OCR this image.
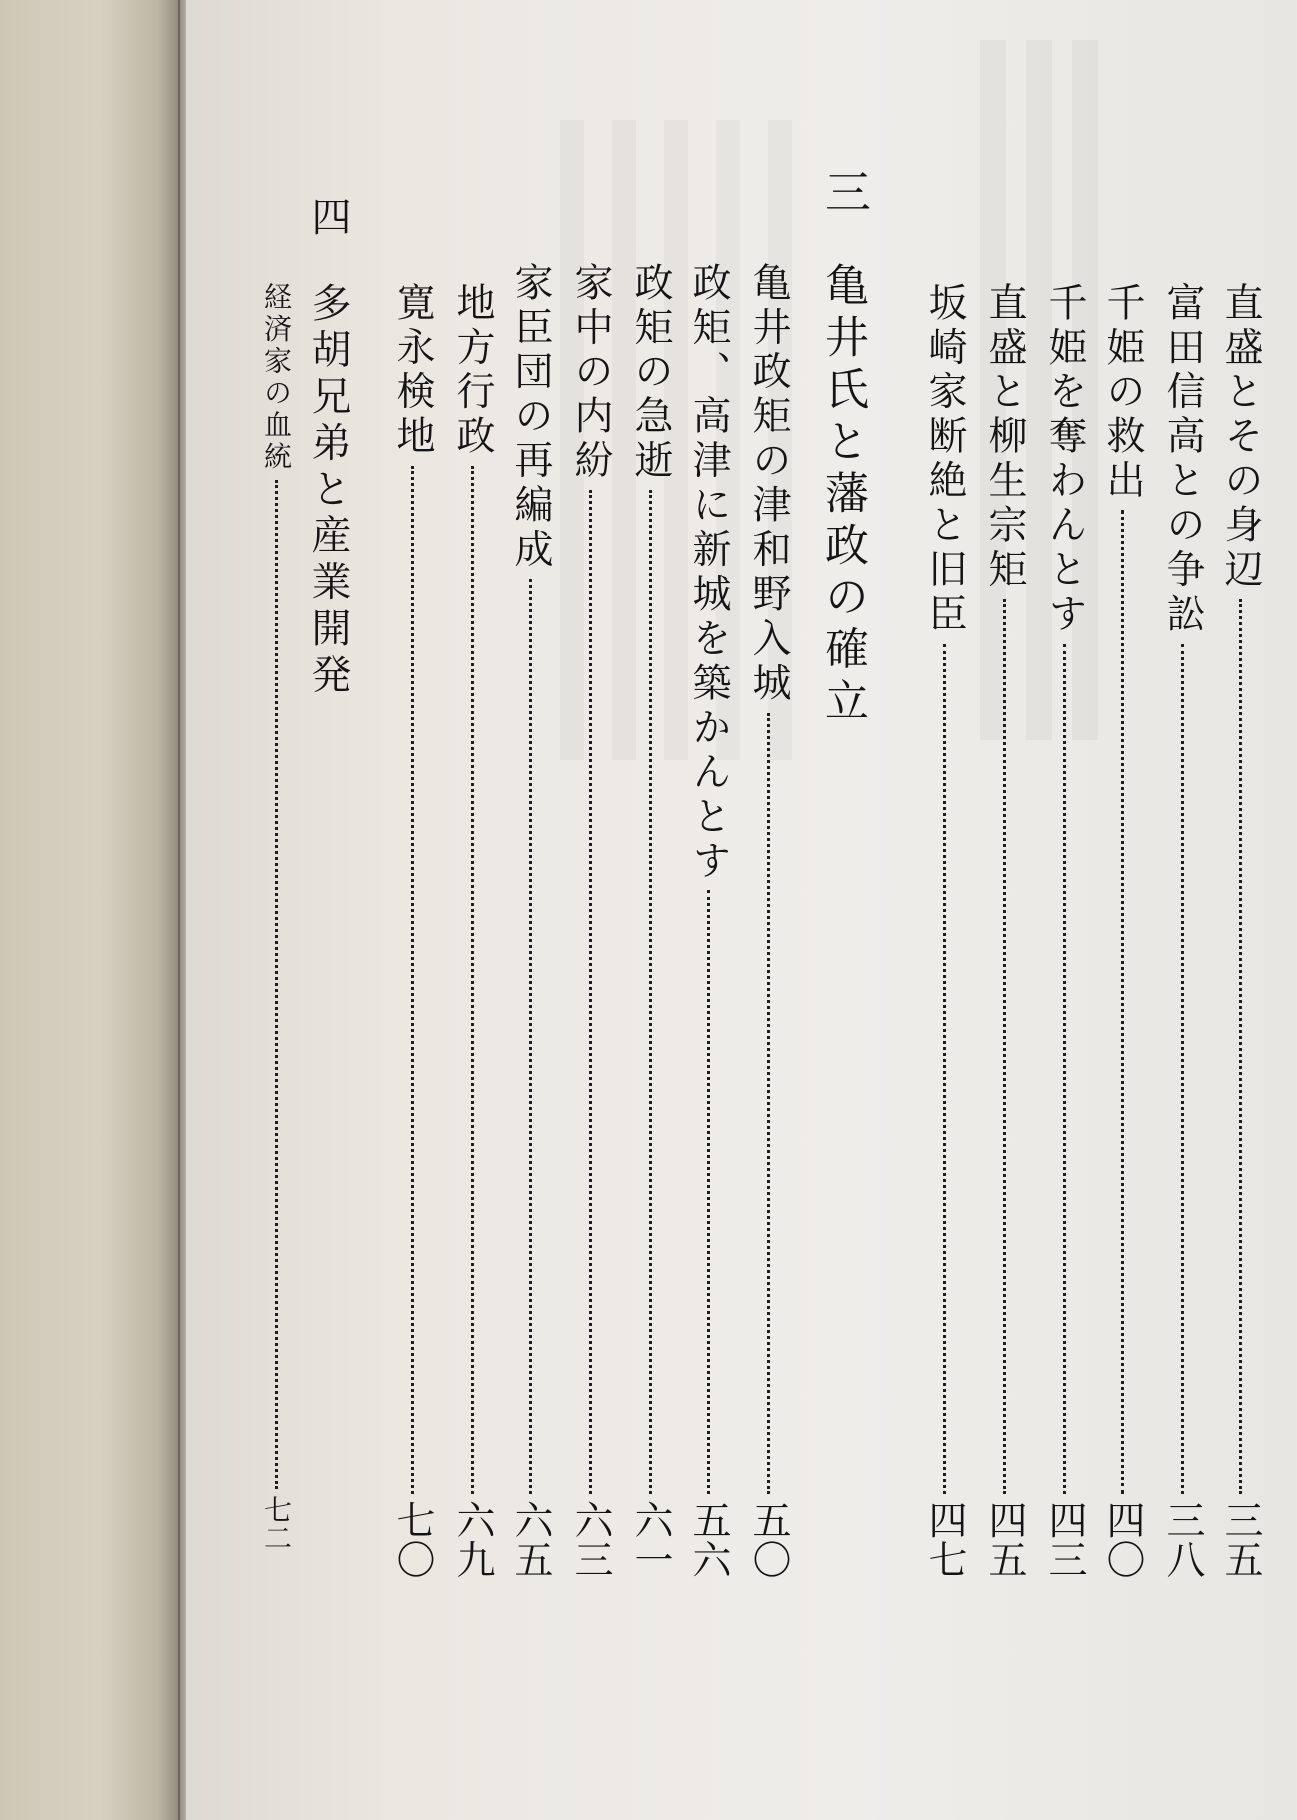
直盛とその身辺
三五
富田信高との争訟
三八
千姫の救出
四〇
千姫を奪わんとす
四三
直盛と柳生宗矩
四五
坂崎家断絶と旧臣
四七
三
亀井氏と藩政の確立
亀井政矩の津和野入城
五〇
政矩、高津に新城を築かんとす
五六
政矩の急逝
六一
家中の内紛
六三
家臣団の再編成
六五
地方行政
六九
寛永検地
七〇
四
多胡兄弟と産業開発
経済家の血統
七二
